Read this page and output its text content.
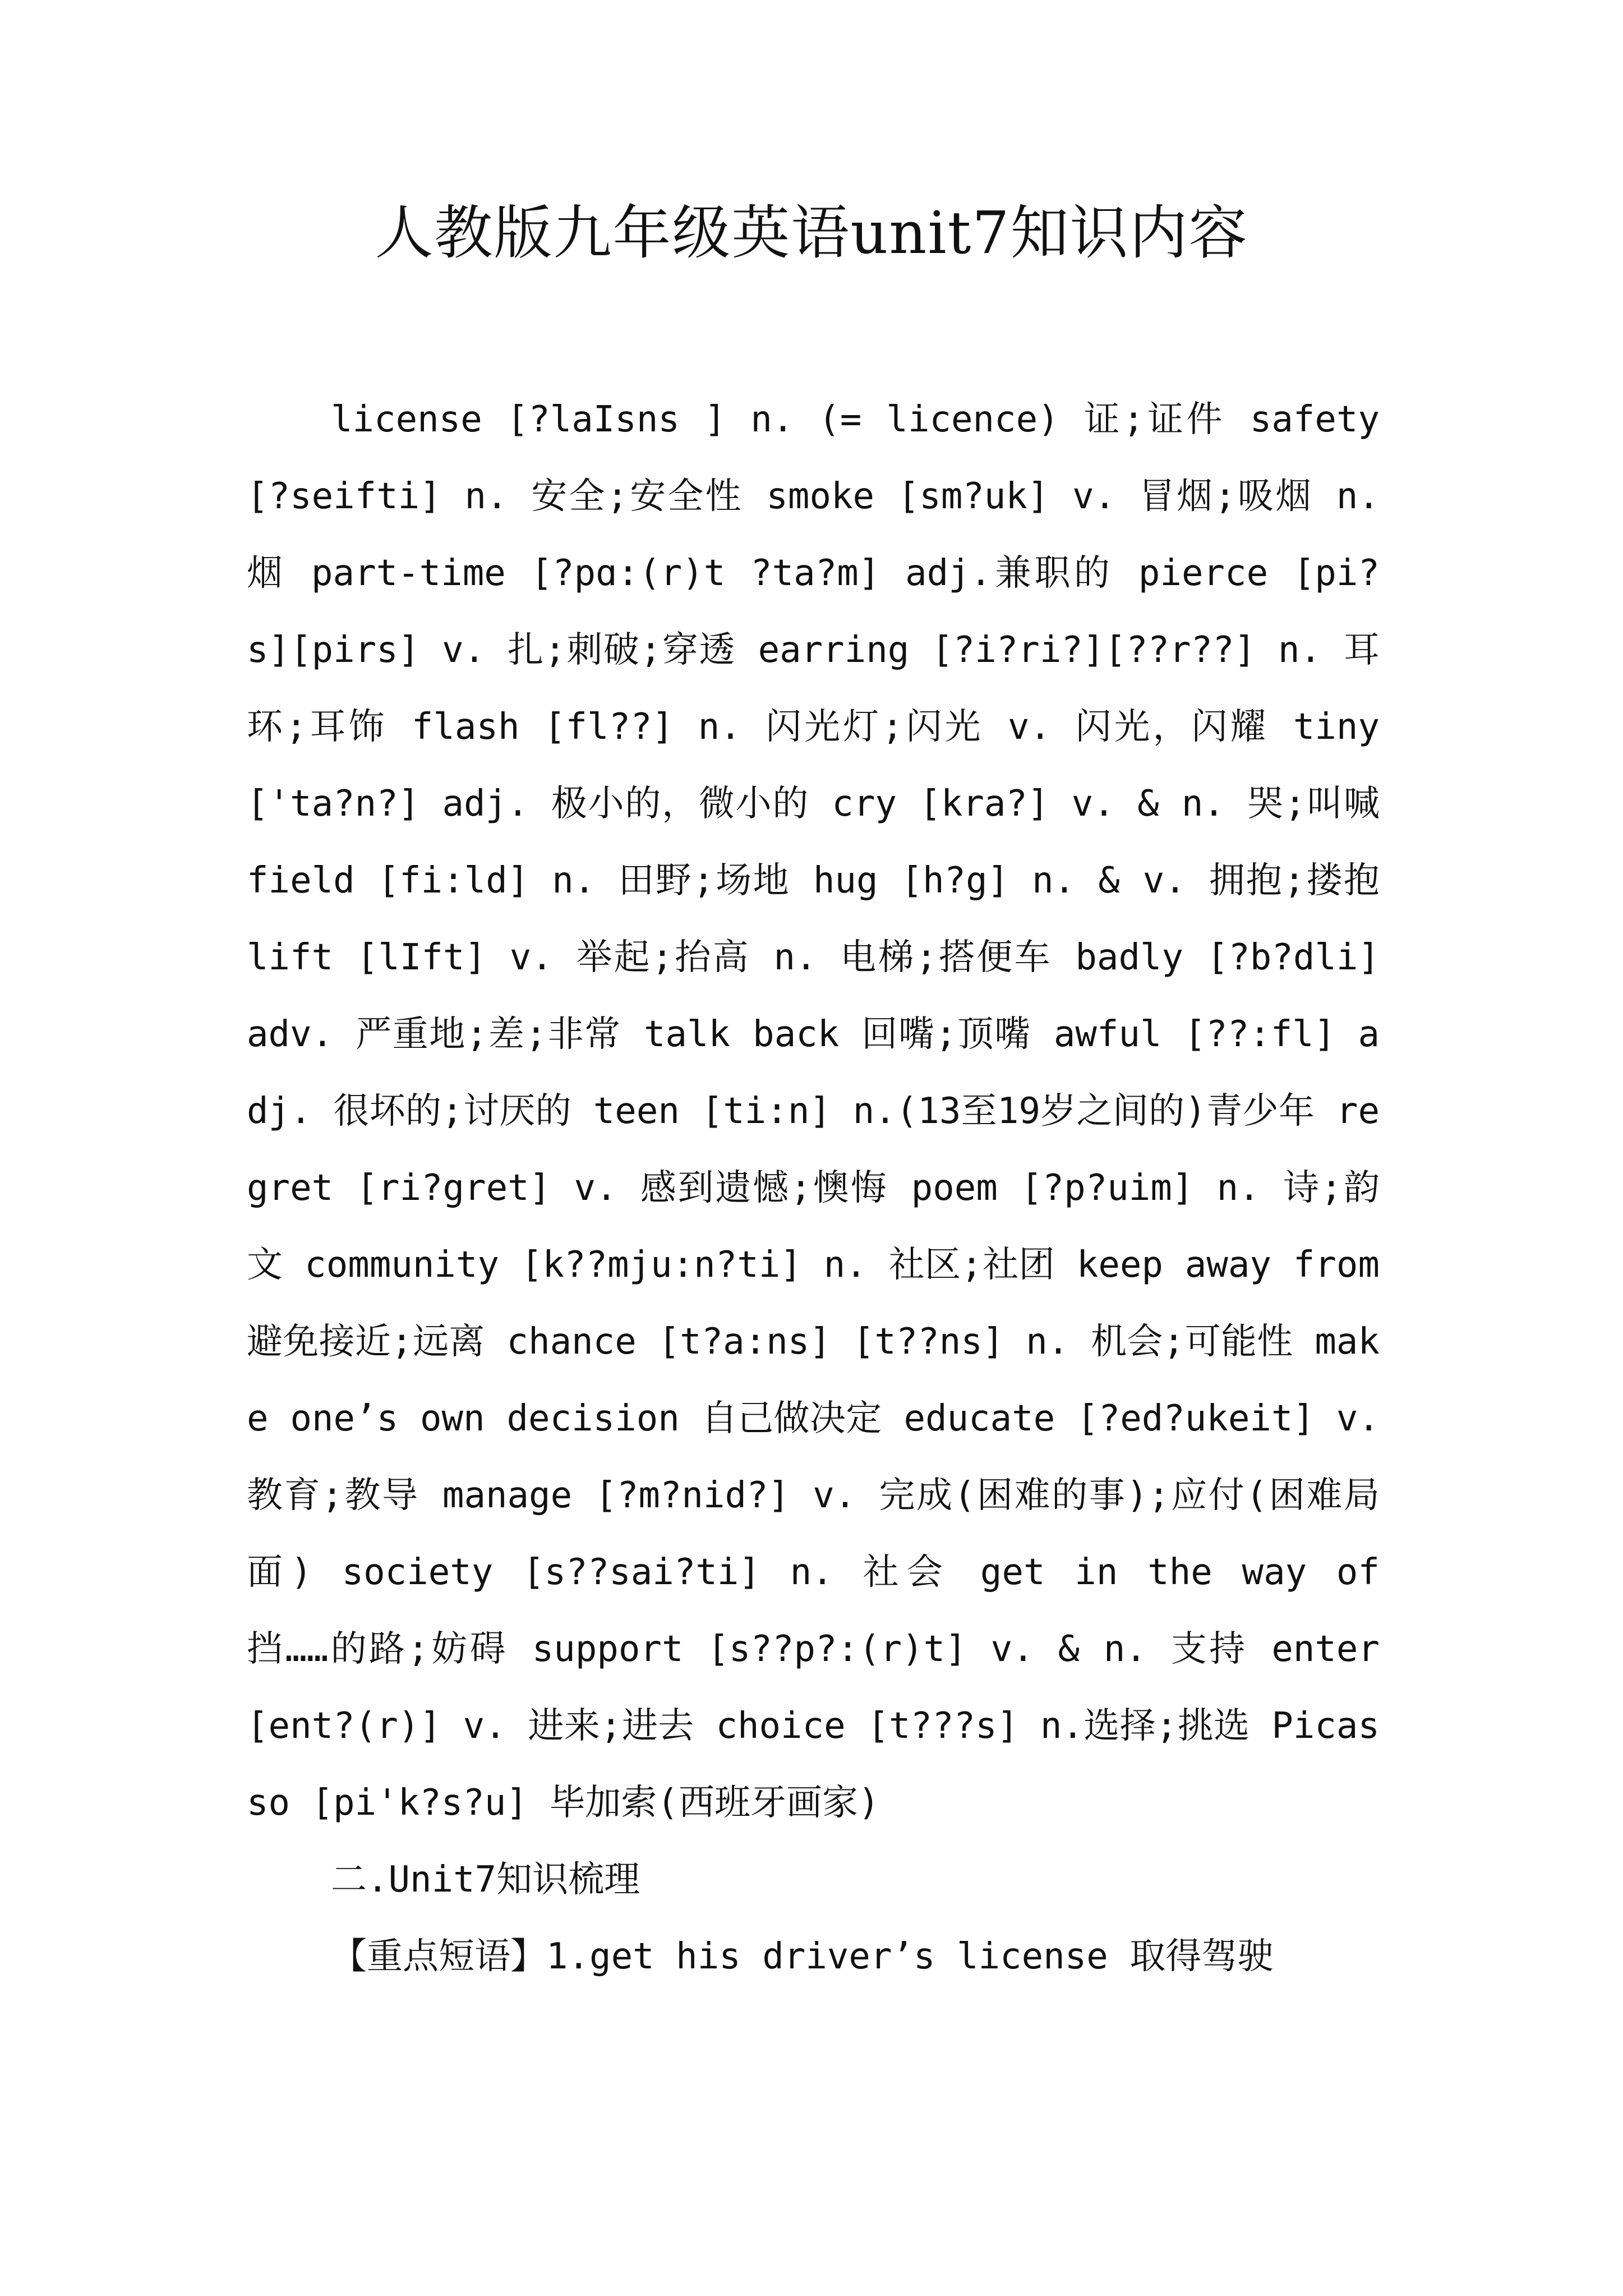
人教版九年级英语unit7知识内容

license [?laIsns ] n. (= licence) 证;证件 safety [?seifti] n. 安全;安全性 smoke [sm?uk] v. 冒烟;吸烟 n. 烟 part-time [?pɑ:(r)t ?ta?m] adj.兼职的 pierce [pi?s][pirs] v. 扎;刺破;穿透 earring [?i?ri?][??r??] n. 耳环;耳饰 flash [fl??] n. 闪光灯;闪光 v. 闪光，闪耀 tiny ['ta?n?] adj. 极小的，微小的 cry [kra?] v. & n. 哭;叫喊 field [fi:ld] n. 田野;场地 hug [h?g] n. & v. 拥抱;搂抱 lift [lIft] v. 举起;抬高 n. 电梯;搭便车 badly [?b?dli] adv. 严重地;差;非常 talk back 回嘴;顶嘴 awful [??:fl] adj. 很坏的;讨厌的 teen [ti:n] n.(13至19岁之间的)青少年 regret [ri?gret] v. 感到遗憾;懊悔 poem [?p?uim] n. 诗;韵文 community [k??mju:n?ti] n. 社区;社团 keep away from 避免接近;远离 chance [t?a:ns] [t??ns] n. 机会;可能性 make one’s own decision 自己做决定 educate [?ed?ukeit] v. 教育;教导 manage [?m?nid?] v. 完成(困难的事);应付(困难局面) society [s??sai?ti] n. 社会 get in the way of 挡……的路;妨碍 support [s??p?:(r)t] v. & n. 支持 enter [ent?(r)] v. 进来;进去 choice [t???s] n.选择;挑选 Picasso [pi'k?s?u] 毕加索(西班牙画家)

二.Unit7知识梳理

【重点短语】1.get his driver’s license 取得驾驶
